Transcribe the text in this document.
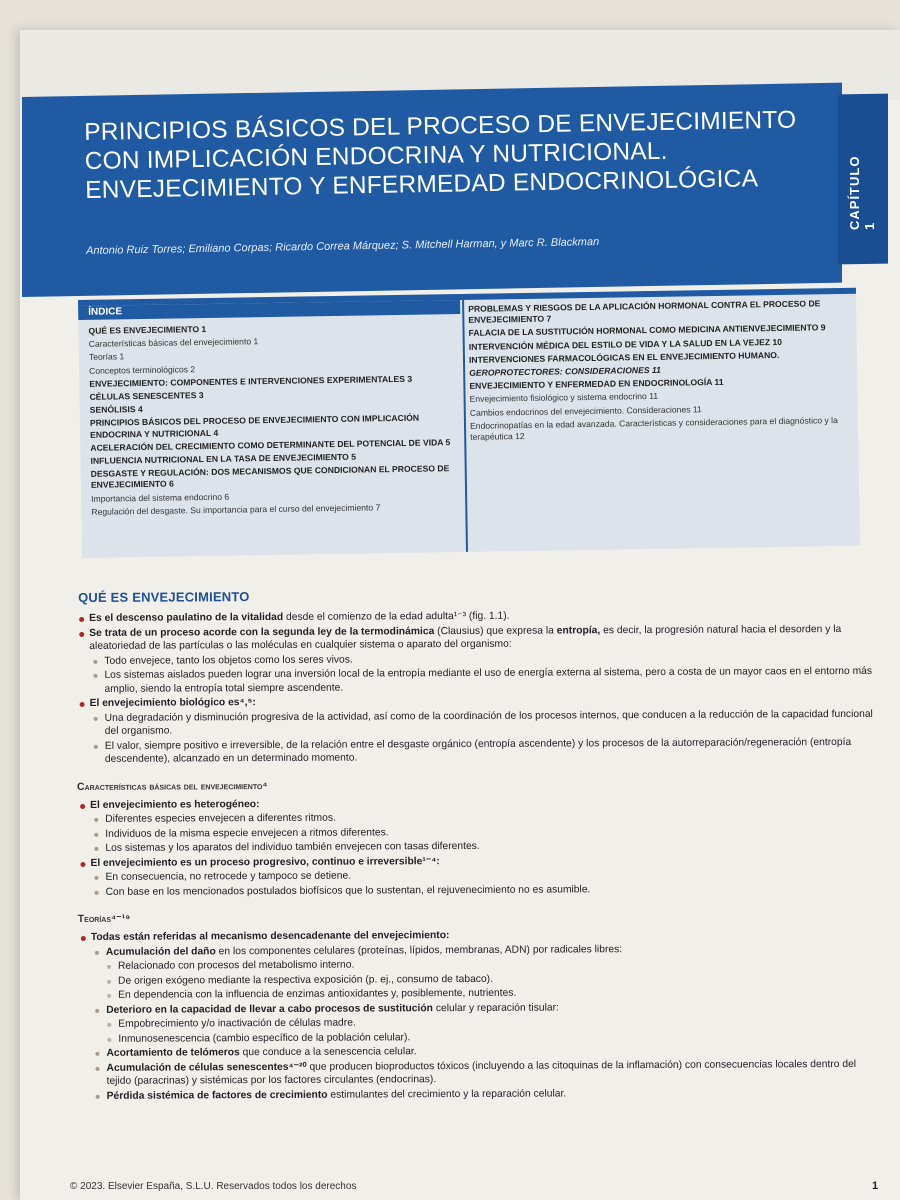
CAPÍTULO 1
PRINCIPIOS BÁSICOS DEL PROCESO DE ENVEJECIMIENTO
CON IMPLICACIÓN ENDOCRINA Y NUTRICIONAL.
ENVEJECIMIENTO Y ENFERMEDAD ENDOCRINOLÓGICA
Antonio Ruiz Torres; Emiliano Corpas; Ricardo Correa Márquez; S. Mitchell Harman, y Marc R. Blackman
ÍNDICE
QUÉ ES ENVEJECIMIENTO 1
Características básicas del envejecimiento 1
Teorías 1
Conceptos terminológicos 2
ENVEJECIMIENTO: COMPONENTES E INTERVENCIONES EXPERIMENTALES 3
CÉLULAS SENESCENTES 3
SENÓLISIS 4
PRINCIPIOS BÁSICOS DEL PROCESO DE ENVEJECIMIENTO CON IMPLICACIÓN ENDOCRINA Y NUTRICIONAL 4
ACELERACIÓN DEL CRECIMIENTO COMO DETERMINANTE DEL POTENCIAL DE VIDA 5
INFLUENCIA NUTRICIONAL EN LA TASA DE ENVEJECIMIENTO 5
DESGASTE Y REGULACIÓN: DOS MECANISMOS QUE CONDICIONAN EL PROCESO DE ENVEJECIMIENTO 6
Importancia del sistema endocrino 6
Regulación del desgaste. Su importancia para el curso del envejecimiento 7
PROBLEMAS Y RIESGOS DE LA APLICACIÓN HORMONAL CONTRA EL PROCESO DE ENVEJECIMIENTO 7
FALACIA DE LA SUSTITUCIÓN HORMONAL COMO MEDICINA ANTIENVEJECIMIENTO 9
INTERVENCIÓN MÉDICA DEL ESTILO DE VIDA Y LA SALUD EN LA VEJEZ 10
INTERVENCIONES FARMACOLÓGICAS EN EL ENVEJECIMIENTO HUMANO.
GEROPROTECTORES: CONSIDERACIONES 11
ENVEJECIMIENTO Y ENFERMEDAD EN ENDOCRINOLOGÍA 11
Envejecimiento fisiológico y sistema endocrino 11
Cambios endocrinos del envejecimiento. Consideraciones 11
Endocrinopatías en la edad avanzada. Características y consideraciones para el diagnóstico y la terapéutica 12
QUÉ ES ENVEJECIMIENTO
Es el descenso paulatino de la vitalidad desde el comienzo de la edad adulta¹⁻³ (fig. 1.1).
Se trata de un proceso acorde con la segunda ley de la termodinámica (Clausius) que expresa la entropía, es decir, la progresión natural hacia el desorden y la aleatoriedad de las partículas o las moléculas en cualquier sistema o aparato del organismo:
Todo envejece, tanto los objetos como los seres vivos.
Los sistemas aislados pueden lograr una inversión local de la entropía mediante el uso de energía externa al sistema, pero a costa de un mayor caos en el entorno más amplio, siendo la entropía total siempre ascendente.
El envejecimiento biológico es⁴,⁵:
Una degradación y disminución progresiva de la actividad, así como de la coordinación de los procesos internos, que conducen a la reducción de la capacidad funcional del organismo.
El valor, siempre positivo e irreversible, de la relación entre el desgaste orgánico (entropía ascendente) y los procesos de la autorreparación/regeneración (entropía descendente), alcanzado en un determinado momento.
Características básicas del envejecimiento⁴
El envejecimiento es heterogéneo:
Diferentes especies envejecen a diferentes ritmos.
Individuos de la misma especie envejecen a ritmos diferentes.
Los sistemas y los aparatos del individuo también envejecen con tasas diferentes.
El envejecimiento es un proceso progresivo, continuo e irreversible¹⁻⁴:
En consecuencia, no retrocede y tampoco se detiene.
Con base en los mencionados postulados biofísicos que lo sustentan, el rejuvenecimiento no es asumible.
Teorías⁴⁻¹⁹
Todas están referidas al mecanismo desencadenante del envejecimiento:
Acumulación del daño en los componentes celulares (proteínas, lípidos, membranas, ADN) por radicales libres:
Relacionado con procesos del metabolismo interno.
De origen exógeno mediante la respectiva exposición (p. ej., consumo de tabaco).
En dependencia con la influencia de enzimas antioxidantes y, posiblemente, nutrientes.
Deterioro en la capacidad de llevar a cabo procesos de sustitución celular y reparación tisular:
Empobrecimiento y/o inactivación de células madre.
Inmunosenescencia (cambio específico de la población celular).
Acortamiento de telómeros que conduce a la senescencia celular.
Acumulación de células senescentes⁴⁻²⁰ que producen bioproductos tóxicos (incluyendo a las citoquinas de la inflamación) con consecuencias locales dentro del tejido (paracrinas) y sistémicas por los factores circulantes (endocrinas).
Pérdida sistémica de factores de crecimiento estimulantes del crecimiento y la reparación celular.
© 2023. Elsevier España, S.L.U. Reservados todos los derechos	1
